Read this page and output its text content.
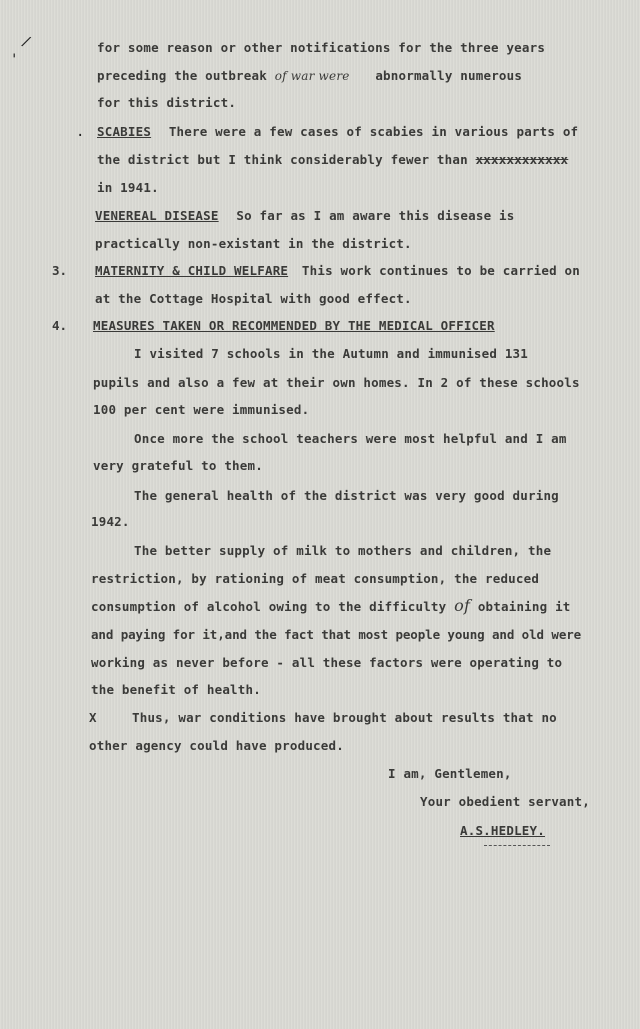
/
'
.
for some reason or other notifications for the three years
preceding the outbreak of war were abnormally numerous
for this district.
SCABIES There were a few cases of scabies in various parts of
the district but I think considerably fewer than xxxxxxxxxxxx
in 1941.
VENEREAL DISEASE So far as I am aware this disease is
practically non-existant in the district.
3. MATERNITY & CHILD WELFARE This work continues to be carried on
at the Cottage Hospital with good effect.
4. MEASURES TAKEN OR RECOMMENDED BY THE MEDICAL OFFICER
I visited 7 schools in the Autumn and immunised 131
pupils and also a few at their own homes. In 2 of these schools
100 per cent were immunised.
Once more the school teachers were most helpful and I am
very grateful to them.
The general health of the district was very good during
1942.
The better supply of milk to mothers and children, the
restriction, by rationing of meat consumption, the reduced
consumption of alcohol owing to the difficulty of obtaining it
and paying for it,and the fact that most people young and old were
working as never before - all these factors were operating to
the benefit of health.
X	Thus, war conditions have brought about results that no
other agency could have produced.
I am, Gentlemen,
Your obedient servant,
A.S.HEDLEY.
